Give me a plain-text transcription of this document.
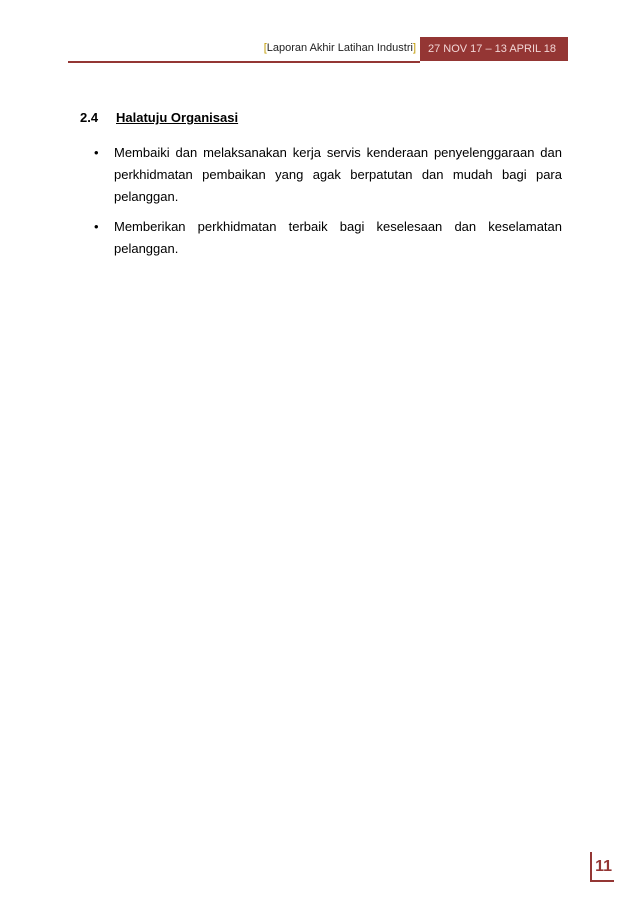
[Laporan Akhir Latihan Industri]	27 NOV 17 – 13 APRIL 18
2.4 Halatuju Organisasi
• Membaiki dan melaksanakan kerja servis kenderaan penyelenggaraan dan perkhidmatan pembaikan yang agak berpatutan dan mudah bagi para pelanggan.
• Memberikan perkhidmatan terbaik bagi keselesaan dan keselamatan pelanggan.
11
